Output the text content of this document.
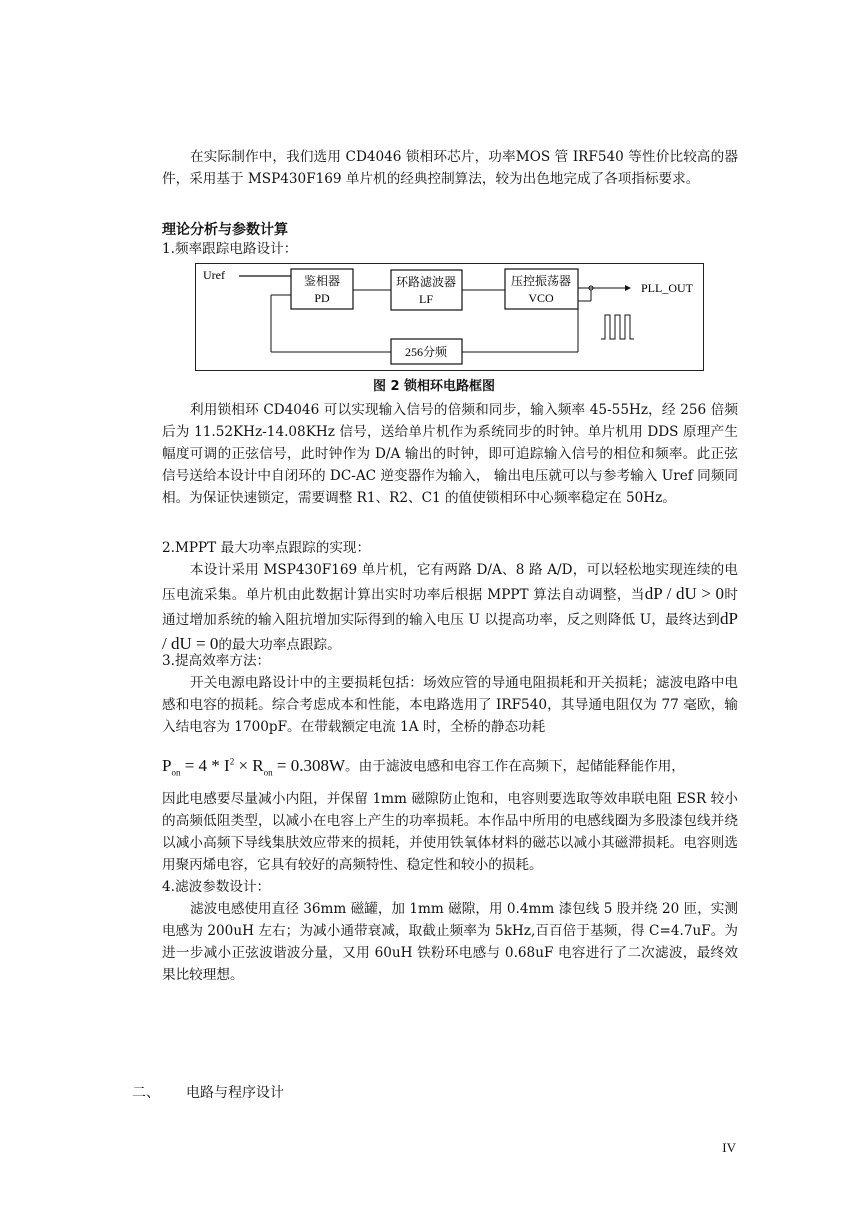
在实际制作中，我们选用 CD4046 锁相环芯片，功率MOS 管 IRF540 等性价比较高的器件，采用基于 MSP430F169 单片机的经典控制算法，较为出色地完成了各项指标要求。

理论分析与参数计算

1.频率跟踪电路设计：

Uref	鉴相器
PD
环路滤波器
LF
压控振荡器
VCO
PLL_OUT
256分频
图 2 锁相环电路框图

利用锁相环 CD4046 可以实现输入信号的倍频和同步，输入频率 45-55Hz，经 256 倍频后为 11.52KHz-14.08KHz 信号，送给单片机作为系统同步的时钟。单片机用 DDS 原理产生幅度可调的正弦信号，此时钟作为 D/A 输出的时钟，即可追踪输入信号的相位和频率。此正弦信号送给本设计中自闭环的 DC-AC 逆变器作为输入， 输出电压就可以与参考输入 Uref 同频同相。为保证快速锁定，需要调整 R1、R2、C1 的值使锁相环中心频率稳定在 50Hz。

2.MPPT 最大功率点跟踪的实现：

本设计采用 MSP430F169 单片机，它有两路 D/A、8 路 A/D，可以轻松地实现连续的电压电流采集。单片机由此数据计算出实时功率后根据 MPPT 算法自动调整，当dP / dU > 0时通过增加系统的输入阻抗增加实际得到的输入电压 U 以提高功率，反之则降低 U，最终达到dP / dU = 0的最大功率点跟踪。

3.提高效率方法：

开关电源电路设计中的主要损耗包括：场效应管的导通电阻损耗和开关损耗；滤波电路中电感和电容的损耗。综合考虑成本和性能，本电路选用了 IRF540，其导通电阻仅为 77 毫欧，输入结电容为 1700pF。在带载额定电流 1A 时，全桥的静态功耗

$P_{on} = 4 * I^2 \times R_{on} = 0.308W$。由于滤波电感和电容工作在高频下，起储能释能作用，

因此电感要尽量减小内阻，并保留 1mm 磁隙防止饱和，电容则要选取等效串联电阻 ESR 较小的高频低阻类型，以减小在电容上产生的功率损耗。本作品中所用的电感线圈为多股漆包线并绕以减小高频下导线集肤效应带来的损耗，并使用铁氧体材料的磁芯以减小其磁滞损耗。电容则选用聚丙烯电容，它具有较好的高频特性、稳定性和较小的损耗。

4.滤波参数设计：

滤波电感使用直径 36mm 磁罐，加 1mm 磁隙，用 0.4mm 漆包线 5 股并绕 20 匝，实测电感为 200uH 左右；为减小通带衰减，取截止频率为 5kHz,百百倍于基频，得 C=4.7uF。为进一步减小正弦波谐波分量，又用 60uH 铁粉环电感与 0.68uF 电容进行了二次滤波，最终效果比较理想。

二、 电路与程序设计
IV
